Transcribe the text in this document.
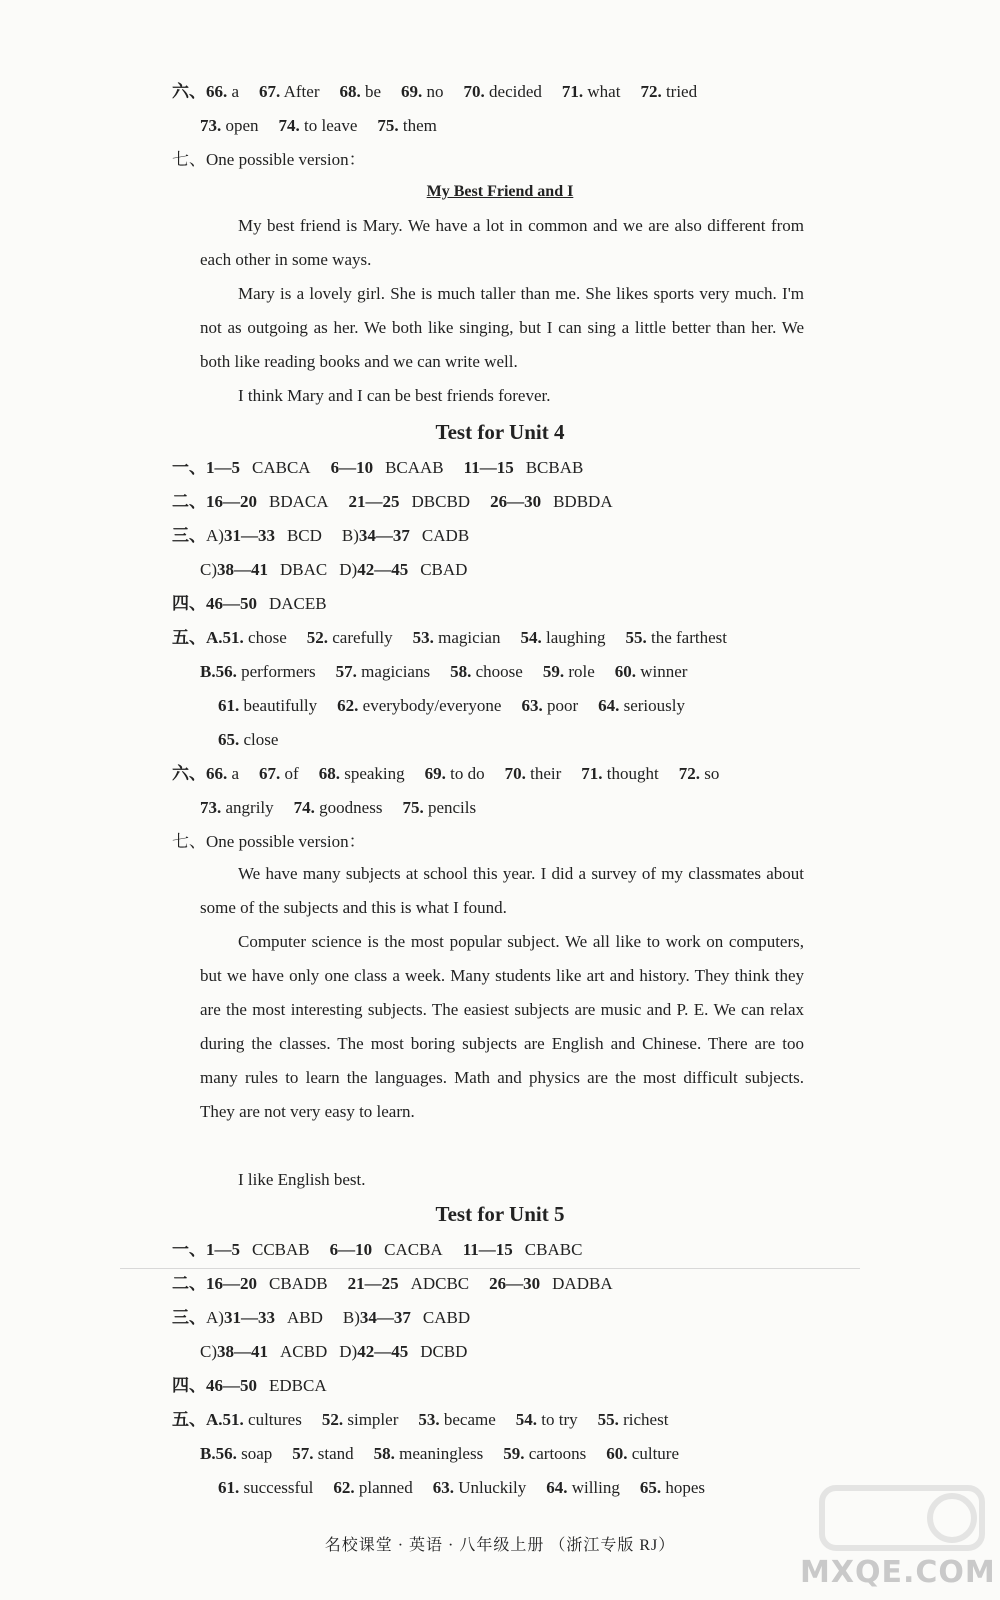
六、66. a 67. After 68. be 69. no 70. decided 71. what 72. tried
73. open 74. to leave 75. them
七、One possible version：
My Best Friend and I
My best friend is Mary. We have a lot in common and we are also different from each other in some ways.
Mary is a lovely girl. She is much taller than me. She likes sports very much. I'm not as outgoing as her. We both like singing, but I can sing a little better than her. We both like reading books and we can write well.
I think Mary and I can be best friends forever.
Test for Unit 4
一、1—5 CABCA 6—10 BCAAB 11—15 BCBAB
二、16—20 BDACA 21—25 DBCBD 26—30 BDBDA
三、A)31—33 BCD B)34—37 CADB
C)38—41 DBAC D)42—45 CBAD
四、46—50 DACEB
五、A.51. chose 52. carefully 53. magician 54. laughing 55. the farthest
B.56. performers 57. magicians 58. choose 59. role 60. winner
61. beautifully 62. everybody/everyone 63. poor 64. seriously
65. close
六、66. a 67. of 68. speaking 69. to do 70. their 71. thought 72. so
73. angrily 74. goodness 75. pencils
七、One possible version：
We have many subjects at school this year. I did a survey of my classmates about some of the subjects and this is what I found.
Computer science is the most popular subject. We all like to work on computers, but we have only one class a week. Many students like art and history. They think they are the most interesting subjects. The easiest subjects are music and P. E. We can relax during the classes. The most boring subjects are English and Chinese. There are too many rules to learn the languages. Math and physics are the most difficult subjects. They are not very easy to learn.
I like English best.
Test for Unit 5
一、1—5 CCBAB 6—10 CACBA 11—15 CBABC
二、16—20 CBADB 21—25 ADCBC 26—30 DADBA
三、A)31—33 ABD B)34—37 CABD
C)38—41 ACBD D)42—45 DCBD
四、46—50 EDBCA
五、A.51. cultures 52. simpler 53. became 54. to try 55. richest
B.56. soap 57. stand 58. meaningless 59. cartoons 60. culture
61. successful 62. planned 63. Unluckily 64. willing 65. hopes
名校课堂 · 英语 · 八年级上册 （浙江专版 RJ）
MXQE.COM
